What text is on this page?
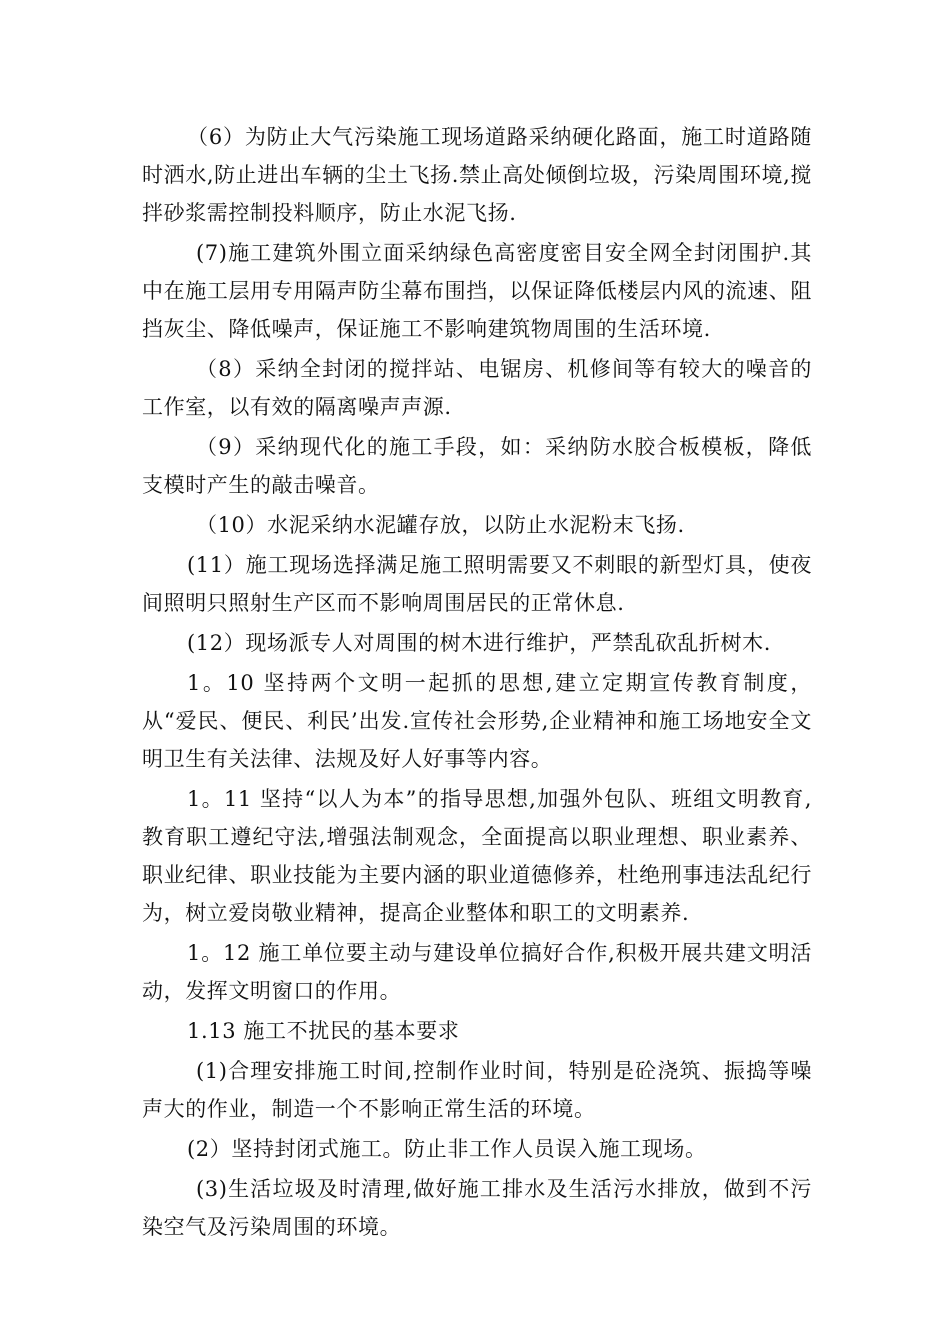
（6）为防止大气污染施工现场道路采纳硬化路面，施工时道路随时洒水,防止进出车辆的尘土飞扬.禁止高处倾倒垃圾，污染周围环境,搅拌砂浆需控制投料顺序，防止水泥飞扬.

(7)施工建筑外围立面采纳绿色高密度密目安全网全封闭围护.其中在施工层用专用隔声防尘幕布围挡，以保证降低楼层内风的流速、阻挡灰尘、降低噪声，保证施工不影响建筑物周围的生活环境.

（8）采纳全封闭的搅拌站、电锯房、机修间等有较大的噪音的工作室，以有效的隔离噪声声源.

（9）采纳现代化的施工手段，如：采纳防水胶合板模板，降低支模时产生的敲击噪音。

（10）水泥采纳水泥罐存放，以防止水泥粉末飞扬.

(11）施工现场选择满足施工照明需要又不刺眼的新型灯具，使夜间照明只照射生产区而不影响周围居民的正常休息.

(12）现场派专人对周围的树木进行维护，严禁乱砍乱折树木.

1。10 坚持两个文明一起抓的思想,建立定期宣传教育制度，从“爱民、便民、利民’出发.宣传社会形势,企业精神和施工场地安全文明卫生有关法律、法规及好人好事等内容。

1。11 坚持“以人为本”的指导思想,加强外包队、班组文明教育,教育职工遵纪守法,增强法制观念，全面提高以职业理想、职业素养、职业纪律、职业技能为主要内涵的职业道德修养，杜绝刑事违法乱纪行为，树立爱岗敬业精神，提高企业整体和职工的文明素养.

1。12 施工单位要主动与建设单位搞好合作,积极开展共建文明活动，发挥文明窗口的作用。

1.13 施工不扰民的基本要求

(1)合理安排施工时间,控制作业时间，特别是砼浇筑、振捣等噪声大的作业，制造一个不影响正常生活的环境。

(2）坚持封闭式施工。防止非工作人员误入施工现场。

(3)生活垃圾及时清理,做好施工排水及生活污水排放，做到不污染空气及污染周围的环境。
